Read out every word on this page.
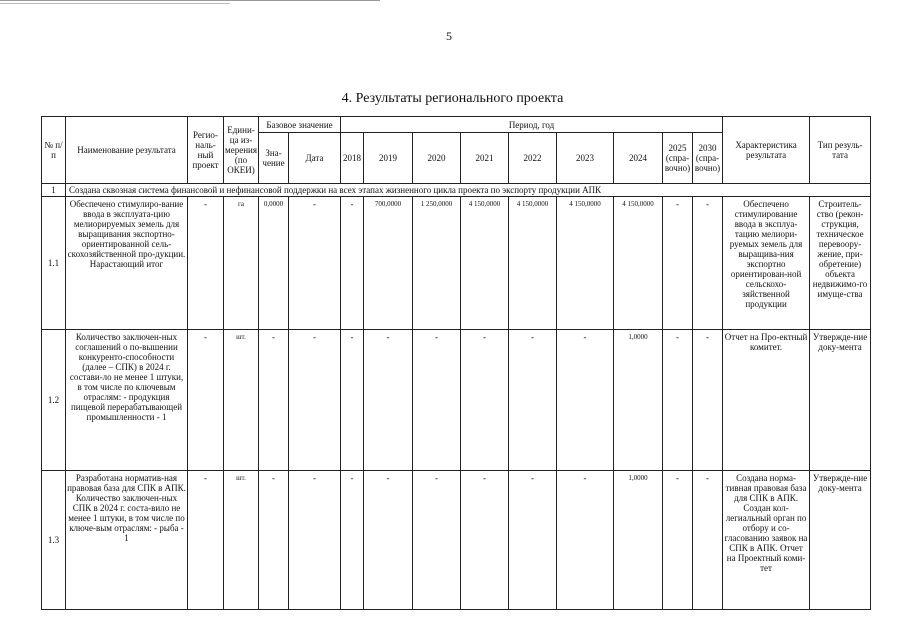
5
4. Результаты регионального проекта
№ п/п	Наименование результата	Регио-наль-ный проект	Едини-ца из-мерения (по ОКЕИ)	Базовое значение		Период, год									Характеристика результата	Тип резуль-тата
				Зна-чение	Дата	2018	2019	2020	2021	2022	2023	2024	2025 (спра-вочно)	2030 (спра-вочно)		
1	Создана сквозная система финансовой и нефинансовой поддержки на всех этапах жизненного цикла проекта по экспорту продукции АПК															
1.1	Обеспечено стимулиро-вание ввода в эксплуата-цию мелиорируемых земель для выращивания экспортно-ориентированной сель-скохозяйственной про-дукции. Нарастающий итог	-	га	0,0000	-	-	700,0000	1 250,0000	4 150,0000	4 150,0000	4 150,0000	4 150,0000	-	-	Обеспечено стимулирование ввода в эксплуа-тацию мелиори-руемых земель для выращива-ния экспортно ориентирован-ной сельскохо-зяйственной продукции	Строитель-ство (рекон-струкция, техническое перевоору-жение, при-обретение) объекта недвижимо-го имуще-ства
1.2	Количество заключен-ных соглашений о по-вышении конкуренто-способности (далее – СПК) в 2024 г. состави-ло не менее 1 штуки, в том числе по ключевым отраслям: - продукция пищевой перерабатывающей промышленности - 1	-	шт.	-	-	-	-	-	-	-	-	1,0000	-	-	Отчет на Про-ектный комитет.	Утвержде-ние доку-мента
1.3	Разработана норматив-ная правовая база для СПК в АПК. Количество заключен-ных СПК в 2024 г. соста-вило не менее 1 штуки, в том числе по ключе-вым отраслям: - рыба - 1	-	шт.	-	-	-	-	-	-	-	-	1,0000	-	-	Создана норма-тивная правовая база для СПК в АПК. Создан кол-легиальный орган по отбору и со-гласованию заявок на СПК в АПК. Отчет на Проектный коми-тет	Утвержде-ние доку-мента
